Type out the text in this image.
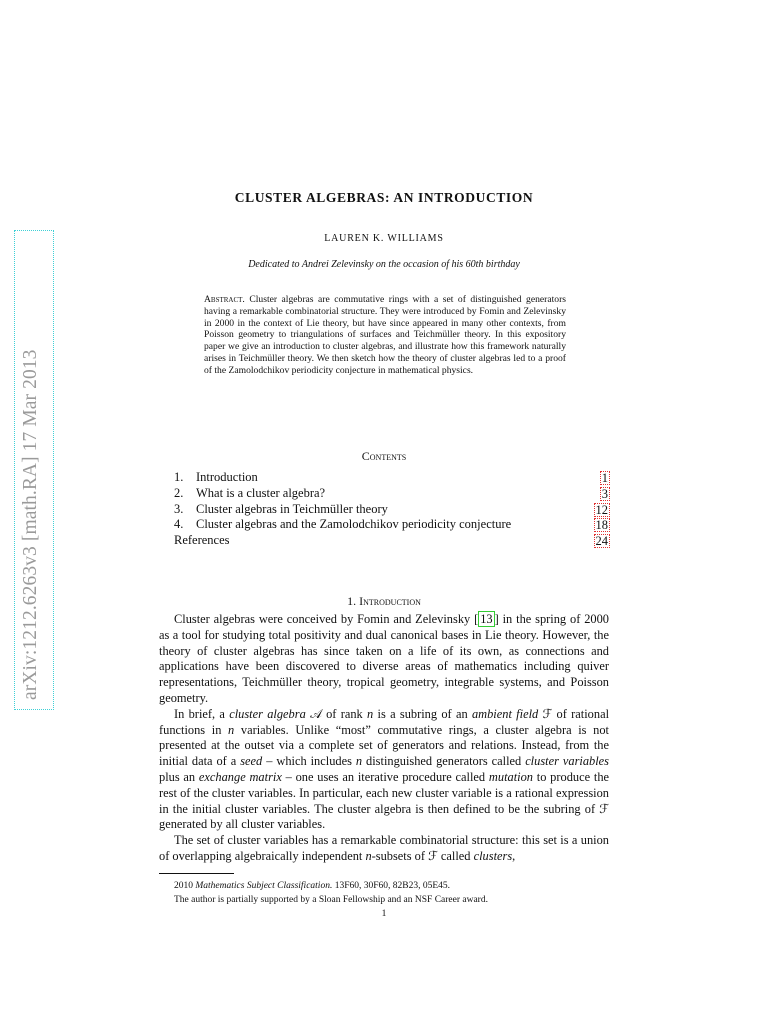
arXiv:1212.6263v3 [math.RA] 17 Mar 2013
CLUSTER ALGEBRAS: AN INTRODUCTION
LAUREN K. WILLIAMS
Dedicated to Andrei Zelevinsky on the occasion of his 60th birthday
Abstract. Cluster algebras are commutative rings with a set of distinguished generators having a remarkable combinatorial structure. They were introduced by Fomin and Zelevinsky in 2000 in the context of Lie theory, but have since appeared in many other contexts, from Poisson geometry to triangulations of surfaces and Teichmüller theory. In this expository paper we give an introduction to cluster algebras, and illustrate how this framework naturally arises in Teichmüller theory. We then sketch how the theory of cluster algebras led to a proof of the Zamolodchikov periodicity conjecture in mathematical physics.
Contents
1. Introduction	1
2. What is a cluster algebra?	3
3. Cluster algebras in Teichmüller theory	12
4. Cluster algebras and the Zamolodchikov periodicity conjecture	18
References	24
1. Introduction

Cluster algebras were conceived by Fomin and Zelevinsky [ 13 ] in the spring of 2000 as a tool for studying total positivity and dual canonical bases in Lie theory. However, the theory of cluster algebras has since taken on a life of its own, as connections and applications have been discovered to diverse areas of mathematics including quiver representations, Teichmüller theory, tropical geometry, integrable systems, and Poisson geometry.

In brief, a cluster algebra 𝒜 of rank n is a subring of an ambient field ℱ of rational functions in n variables. Unlike “most” commutative rings, a cluster algebra is not presented at the outset via a complete set of generators and relations. Instead, from the initial data of a seed – which includes n distinguished generators called cluster variables plus an exchange matrix – one uses an iterative procedure called mutation to produce the rest of the cluster variables. In particular, each new cluster variable is a rational expression in the initial cluster variables. The cluster algebra is then defined to be the subring of ℱ generated by all cluster variables.

The set of cluster variables has a remarkable combinatorial structure: this set is a union of overlapping algebraically independent n-subsets of ℱ called clusters,

2010 Mathematics Subject Classification. 13F60, 30F60, 82B23, 05E45.

The author is partially supported by a Sloan Fellowship and an NSF Career award.

1
